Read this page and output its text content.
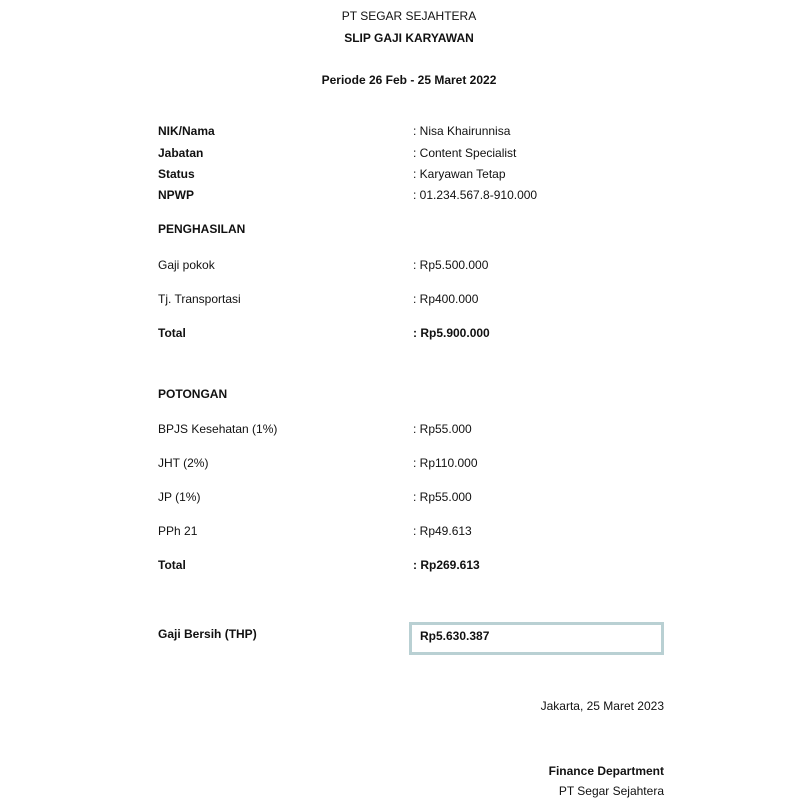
PT SEGAR SEJAHTERA
SLIP GAJI KARYAWAN
Periode 26 Feb - 25 Maret 2022
NIK/Nama	: Nisa Khairunnisa
Jabatan	: Content Specialist
Status	: Karyawan Tetap
NPWP	: 01.234.567.8-910.000
PENGHASILAN
Gaji pokok	: Rp5.500.000
Tj. Transportasi	: Rp400.000
Total	: Rp5.900.000
POTONGAN
BPJS Kesehatan (1%)	: Rp55.000
JHT (2%)	: Rp110.000
JP (1%)	: Rp55.000
PPh 21	: Rp49.613
Total	: Rp269.613
Gaji Bersih (THP)	Rp5.630.387
Jakarta, 25 Maret 2023
Finance Department
PT Segar Sejahtera
